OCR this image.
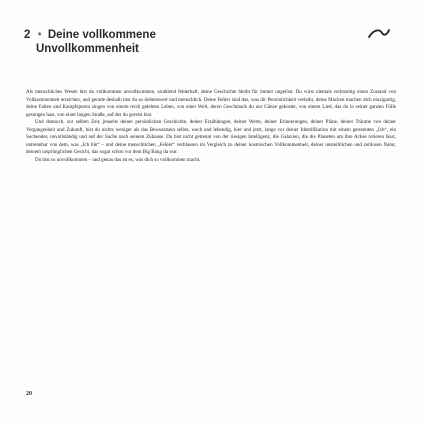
2 • Deine vollkommene
Unvollkommenheit

Als menschliches Wesen bist du vollkommen unvollkommen, strahlend fehlerhaft, deine Geschichte bleibt für immer ungelöst. Du wirst niemals rechtzeitig einen Zustand von Vollkommenheit erreichen, und gerade deshalb bist du so liebenswert und menschlich. Deine Fehler sind das, was dir Persönlichkeit verleiht, deine Macken machen dich einzigartig, deine Falten und Kampfspuren singen von einem reich gelebten Leben, von einer Welt, deren Geschmack du nur Gänze gekostet, von einem Lied, das du in seiner ganzen Fülle gesungen hast, von einer langen Straße, auf der du gereist bist.

Und dennoch, zur selben Zeit, jenseits deiner persönlichen Geschichte, deiner Erzählungen, deiner Werte, deiner Erinnerungen, deiner Pläne, deiner Träume von deiner Vergangenheit und Zukunft, bist du nichts weniger als das Bewusstsein selbst, wach und lebendig, hier und jetzt, lange vor deiner Identifikation mit einem getrennten „Ich“, ein Suchender, unvollständig und auf der Suche nach seinem Zuhause. Du bist nicht getrennt von der riesigen Intelligenz, die Galaxien, die die Planeten um ihre Achse rotieren lässt, untrennbar von dem, was „Ich bin“ – und deine menschlichen „Fehler“ verblassen im Vergleich zu deiner kosmischen Vollkommenheit, deiner unsterblichen und zeitlosen Natur, deinem ursprünglichen Gesicht, das sogar schon vor dem Big Bang da war.

Du bist so unvollkommen – und genau das ist es, was dich so vollkommen macht.

20
